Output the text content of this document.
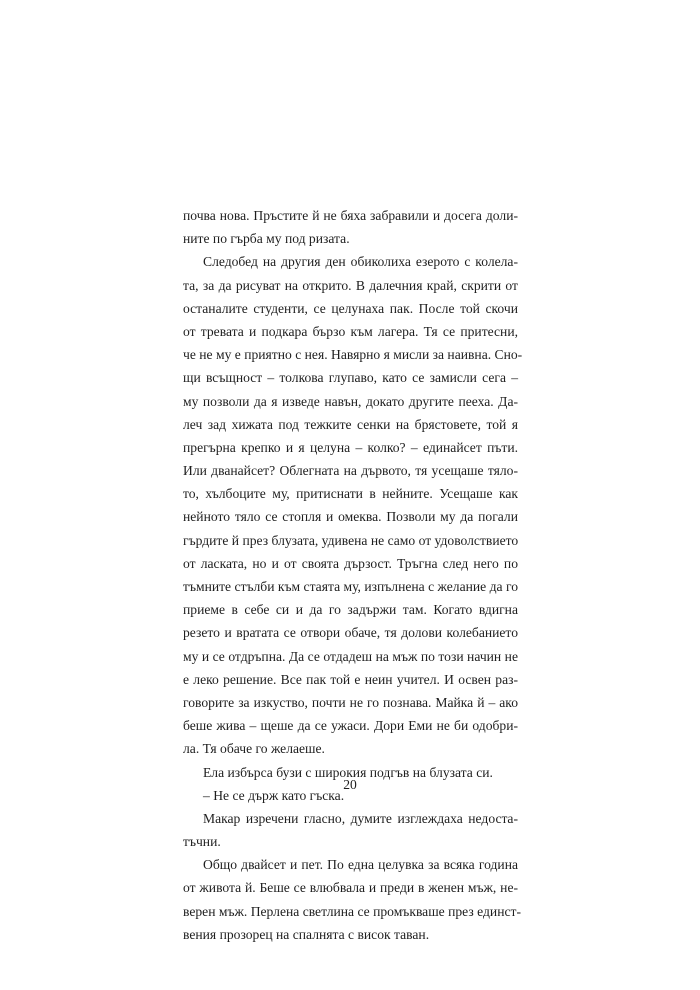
почва нова. Пръстите й не бяха забравили и досега доли-
ните по гърба му под ризата.
Следобед на другия ден обиколиха езерото с колела-
та, за да рисуват на открито. В далечния край, скрити от
останалите студенти, се целунаха пак. После той скочи
от тревата и подкара бързо към лагера. Тя се притесни,
че не му е приятно с нея. Навярно я мисли за наивна. Сно-
щи всъщност – толкова глупаво, като се замисли сега –
му позволи да я изведе навън, докато другите пееха. Да-
леч зад хижата под тежките сенки на брястовете, той я
прегърна крепко и я целуна – колко? – единайсет пъти.
Или дванайсет? Облегната на дървото, тя усещаше тяло-
то, хълбоците му, притиснати в нейните. Усещаше как
нейното тяло се стопля и омеква. Позволи му да погали
гърдите й през блузата, удивена не само от удоволствието
от ласката, но и от своята дързост. Тръгна след него по
тъмните стълби към стаята му, изпълнена с желание да го
приеме в себе си и да го задържи там. Когато вдигна
резето и вратата се отвори обаче, тя долови колебанието
му и се отдръпна. Да се отдадеш на мъж по този начин не
е леко решение. Все пак той е неин учител. И освен раз-
говорите за изкуство, почти не го познава. Майка й – ако
беше жива – щеше да се ужаси. Дори Еми не би одобри-
ла. Тя обаче го желаеше.
Ела избърса бузи с широкия подгъв на блузата си.
– Не се държ като гъска.
Макар изречени гласно, думите изглеждаха недостa-
тъчни.
Общо двайсет и пет. По една целувка за всяка година
от живота й. Беше се влюбвала и преди в женен мъж, не-
верен мъж. Перлена светлина се промъкваше през единст-
вения прозорец на спалнята с висок таван.
20
